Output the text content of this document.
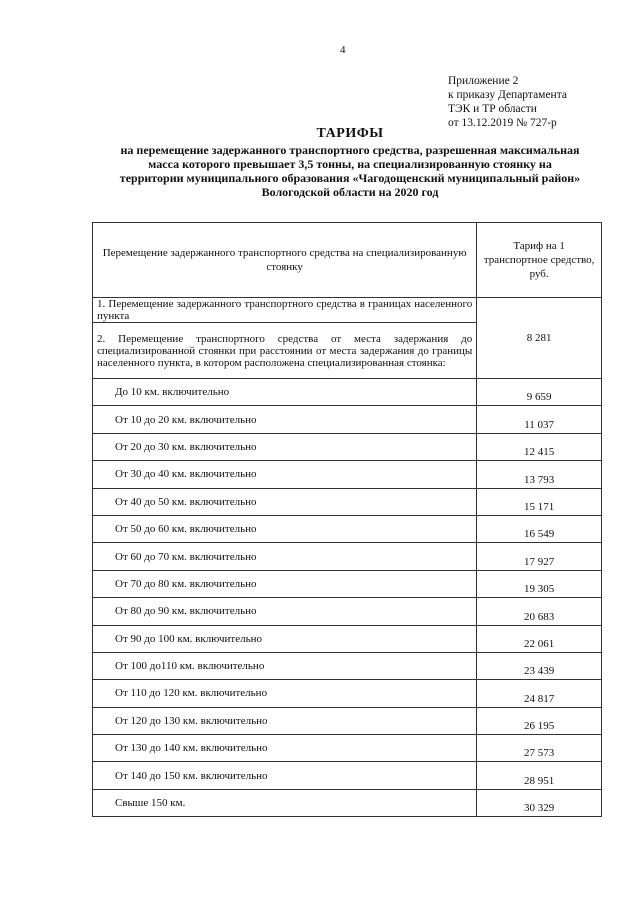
4
Приложение 2
к приказу Департамента
ТЭК и ТР области
от 13.12.2019 № 727-р
ТАРИФЫ
на перемещение задержанного транспортного средства, разрешенная максимальная
масса которого превышает 3,5 тонны, на специализированную стоянку на
территории муниципального образования «Чагодощенский муниципальный район»
Вологодской области на 2020 год
Перемещение задержанного транспортного средства на специализированную стоянку	Тариф на 1 транспортное средство, руб.
1. Перемещение задержанного транспортного средства в границах населенного пункта	8 281
2. Перемещение транспортного средства от места задержания до специализированной стоянки при расстоянии от места задержания до границы населенного пункта, в котором расположена специализированная стоянка:	
До 10 км. включительно	9 659
От 10 до 20 км. включительно	11 037
От 20 до 30 км. включительно	12 415
От 30 до 40 км. включительно	13 793
От 40 до 50 км. включительно	15 171
От 50 до 60 км. включительно	16 549
От 60 до 70 км. включительно	17 927
От 70 до 80 км. включительно	19 305
От 80 до 90 км. включительно	20 683
От 90 до 100 км. включительно	22 061
От 100 до110 км. включительно	23 439
От 110 до 120 км. включительно	24 817
От 120 до 130 км. включительно	26 195
От 130 до 140 км. включительно	27 573
От 140 до 150 км. включительно	28 951
Свыше 150 км.	30 329
